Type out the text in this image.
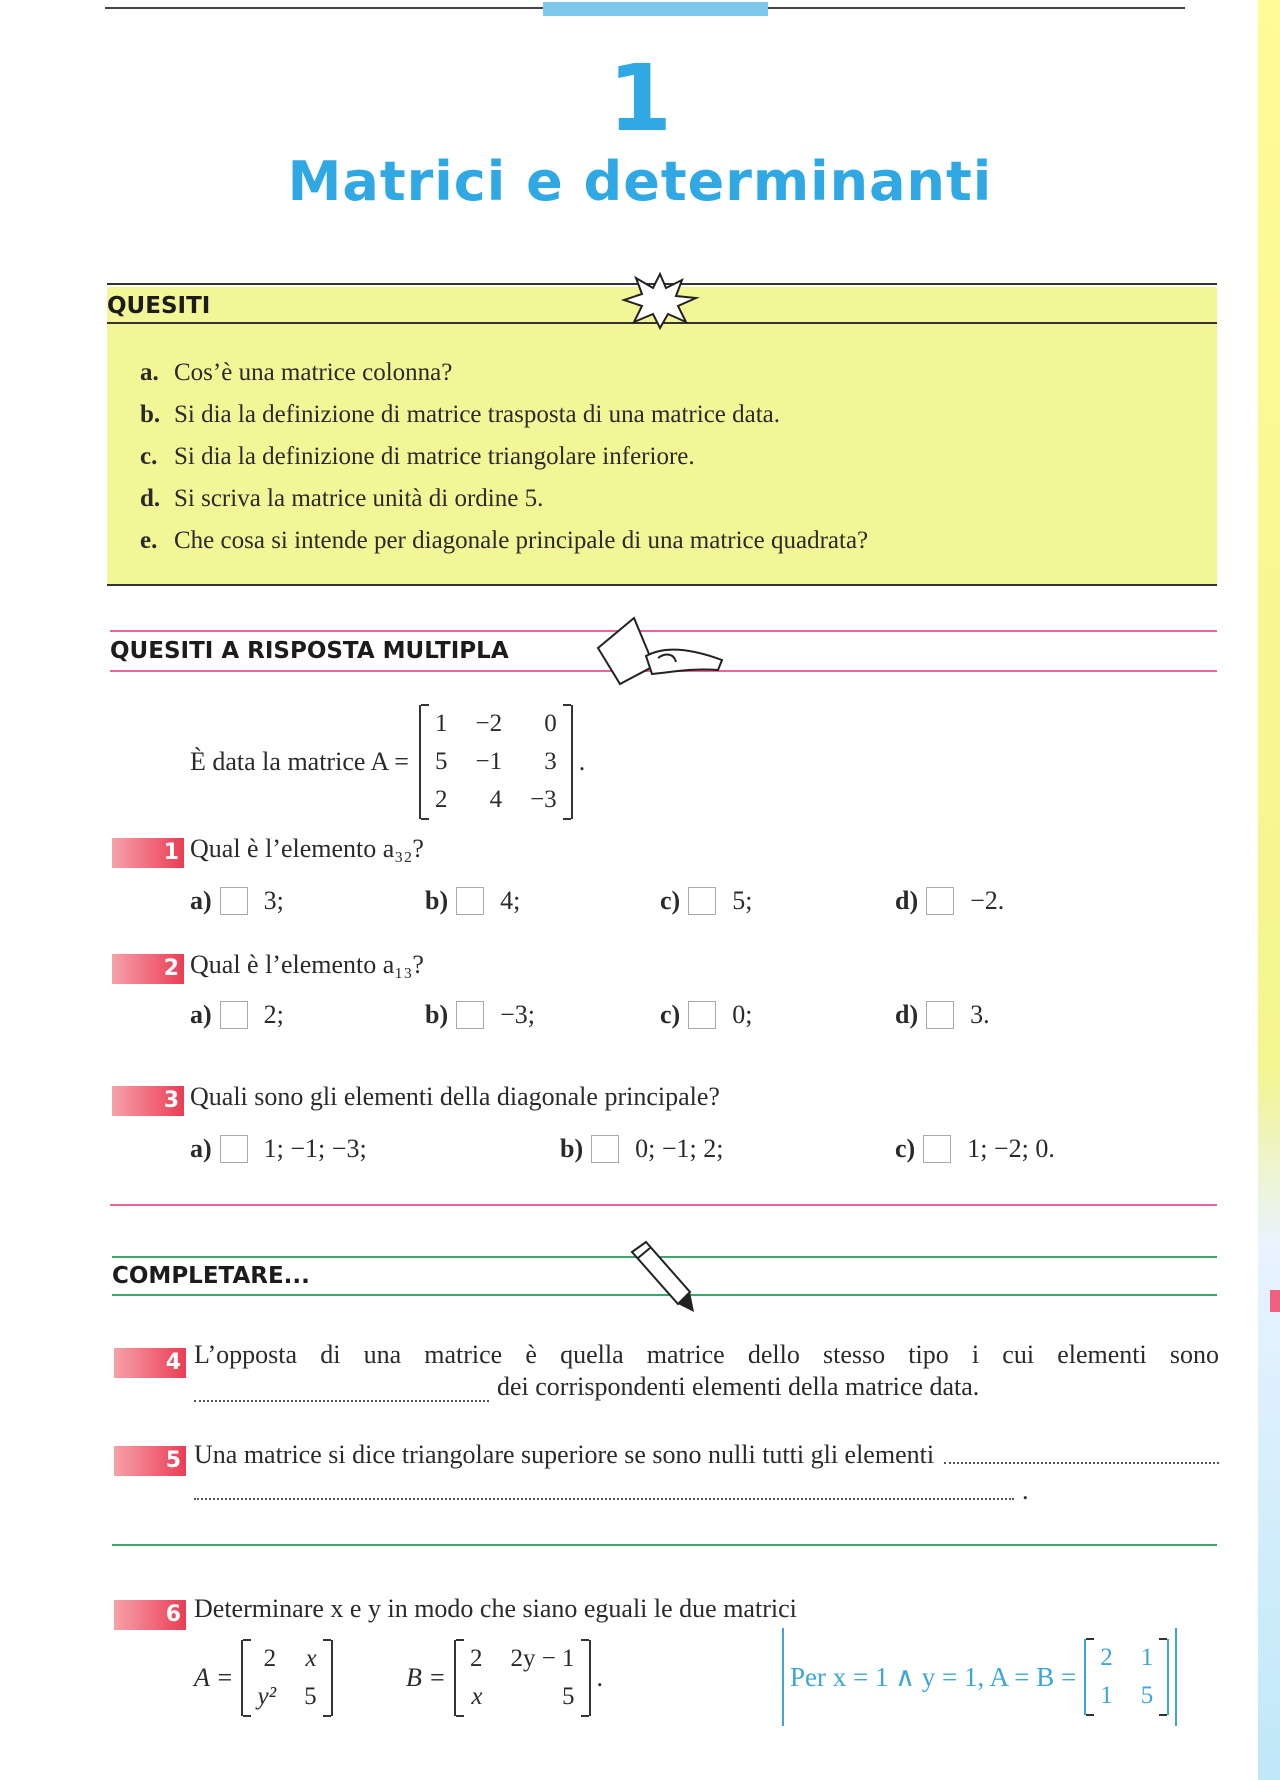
1
Matrici e determinanti
QUESITI
a. Cos’è una matrice colonna?
b. Si dia la definizione di matrice trasposta di una matrice data.
c. Si dia la definizione di matrice triangolare inferiore.
d. Si scriva la matrice unità di ordine 5.
e. Che cosa si intende per diagonale principale di una matrice quadrata?
QUESITI A RISPOSTA MULTIPLA
È data la matrice A =
1	−2	0
5	−1	3
2	4	−3
.
1 Qual è l’elemento a₃₂?
a) 3;	b) 4;	c) 5;	d) −2.
2 Qual è l’elemento a₁₃?
a) 2;	b) −3;	c) 0;	d) 3.
3 Quali sono gli elementi della diagonale principale?
a) 1; −1; −3;	b) 0; −1; 2;	c) 1; −2; 0.
COMPLETARE...
4 L’opposta di una matrice è quella matrice dello stesso tipo i cui elementi sono
dei corrispondenti elementi della matrice data.
5 Una matrice si dice triangolare superiore se sono nulli tutti gli elementi
.
6 Determinare x e y in modo che siano eguali le due matrici
A =
2	x
y²	5
B =
2	2y − 1
x	5
.	Per x = 1 ∧ y = 1, A = B =
2	1
1	5
